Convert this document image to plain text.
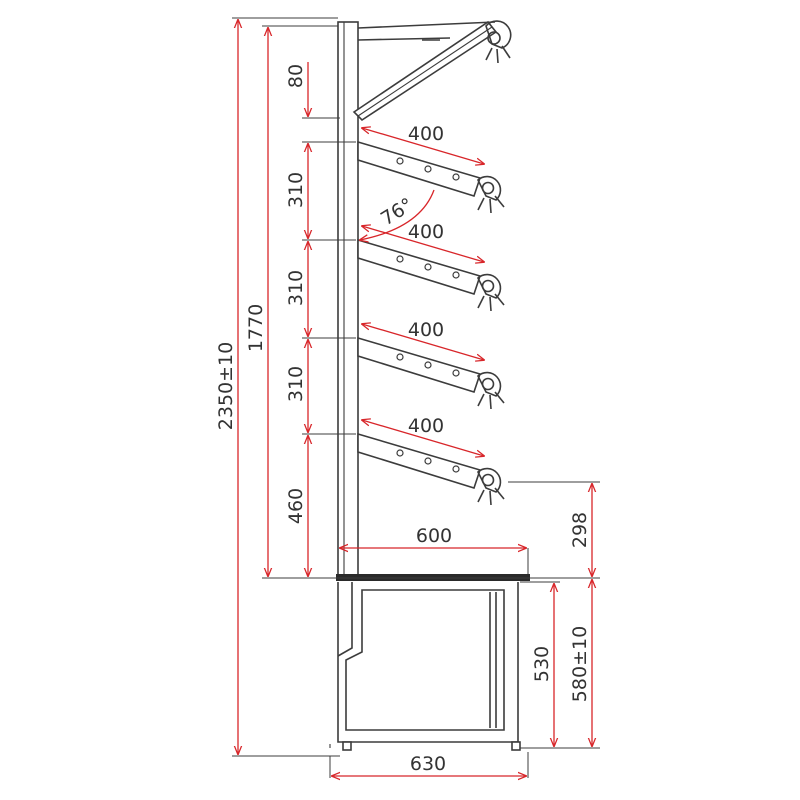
400
400
400
400
76°
2350±10
1770
80
310
310
310
460
600	298
530 580±10
630
